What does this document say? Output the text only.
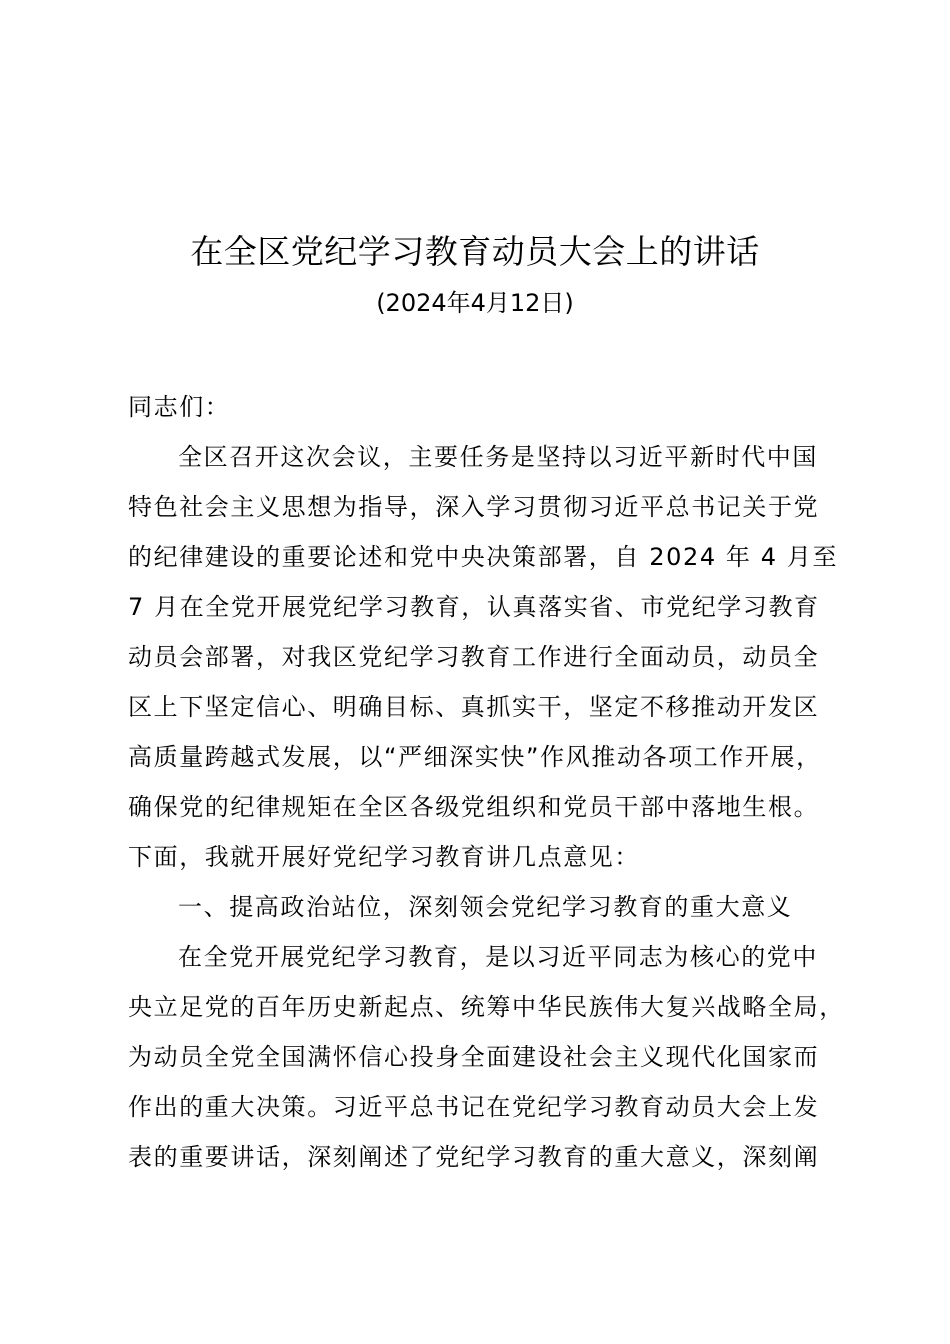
在全区党纪学习教育动员大会上的讲话
(2024年4月12日)
同志们：
全区召开这次会议，主要任务是坚持以习近平新时代中国
特色社会主义思想为指导，深入学习贯彻习近平总书记关于党
的纪律建设的重要论述和党中央决策部署，自 2024 年 4 月至
7 月在全党开展党纪学习教育，认真落实省、市党纪学习教育
动员会部署，对我区党纪学习教育工作进行全面动员，动员全
区上下坚定信心、明确目标、真抓实干，坚定不移推动开发区
高质量跨越式发展，以“严细深实快”作风推动各项工作开展，
确保党的纪律规矩在全区各级党组织和党员干部中落地生根。
下面，我就开展好党纪学习教育讲几点意见：
一、提高政治站位，深刻领会党纪学习教育的重大意义
在全党开展党纪学习教育，是以习近平同志为核心的党中
央立足党的百年历史新起点、统筹中华民族伟大复兴战略全局，
为动员全党全国满怀信心投身全面建设社会主义现代化国家而
作出的重大决策。习近平总书记在党纪学习教育动员大会上发
表的重要讲话，深刻阐述了党纪学习教育的重大意义，深刻阐
